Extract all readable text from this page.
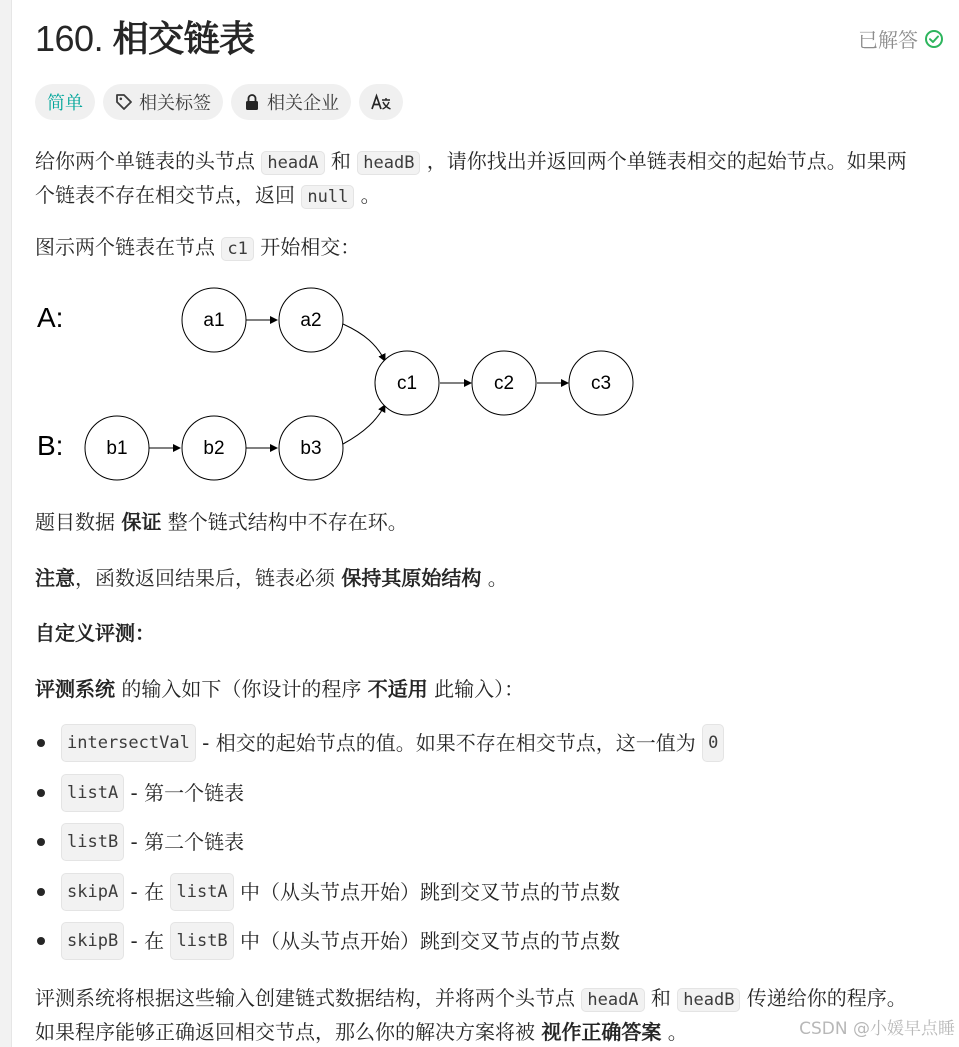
160. 相交链表	已解答
简单	相关标签	相关企业
给你两个单链表的头节点 headA 和 headB ，请你找出并返回两个单链表相交的起始节点。如果两
个链表不存在相交节点，返回 null 。
图示两个链表在节点 c1 开始相交：
A:
B:
a1	a2
c1	c2	c3
b1	b2	b3
题目数据 保证 整个链式结构中不存在环。
注意，函数返回结果后，链表必须 保持其原始结构 。
自定义评测：
评测系统 的输入如下（你设计的程序 不适用 此输入）：
intersectVal - 相交的起始节点的值。如果不存在相交节点，这一值为 0
listA - 第一个链表
listB - 第二个链表
skipA - 在 listA 中（从头节点开始）跳到交叉节点的节点数
skipB - 在 listB 中（从头节点开始）跳到交叉节点的节点数
评测系统将根据这些输入创建链式数据结构，并将两个头节点 headA 和 headB 传递给你的程序。
如果程序能够正确返回相交节点，那么你的解决方案将被 视作正确答案 。	CSDN @小媛早点睡
